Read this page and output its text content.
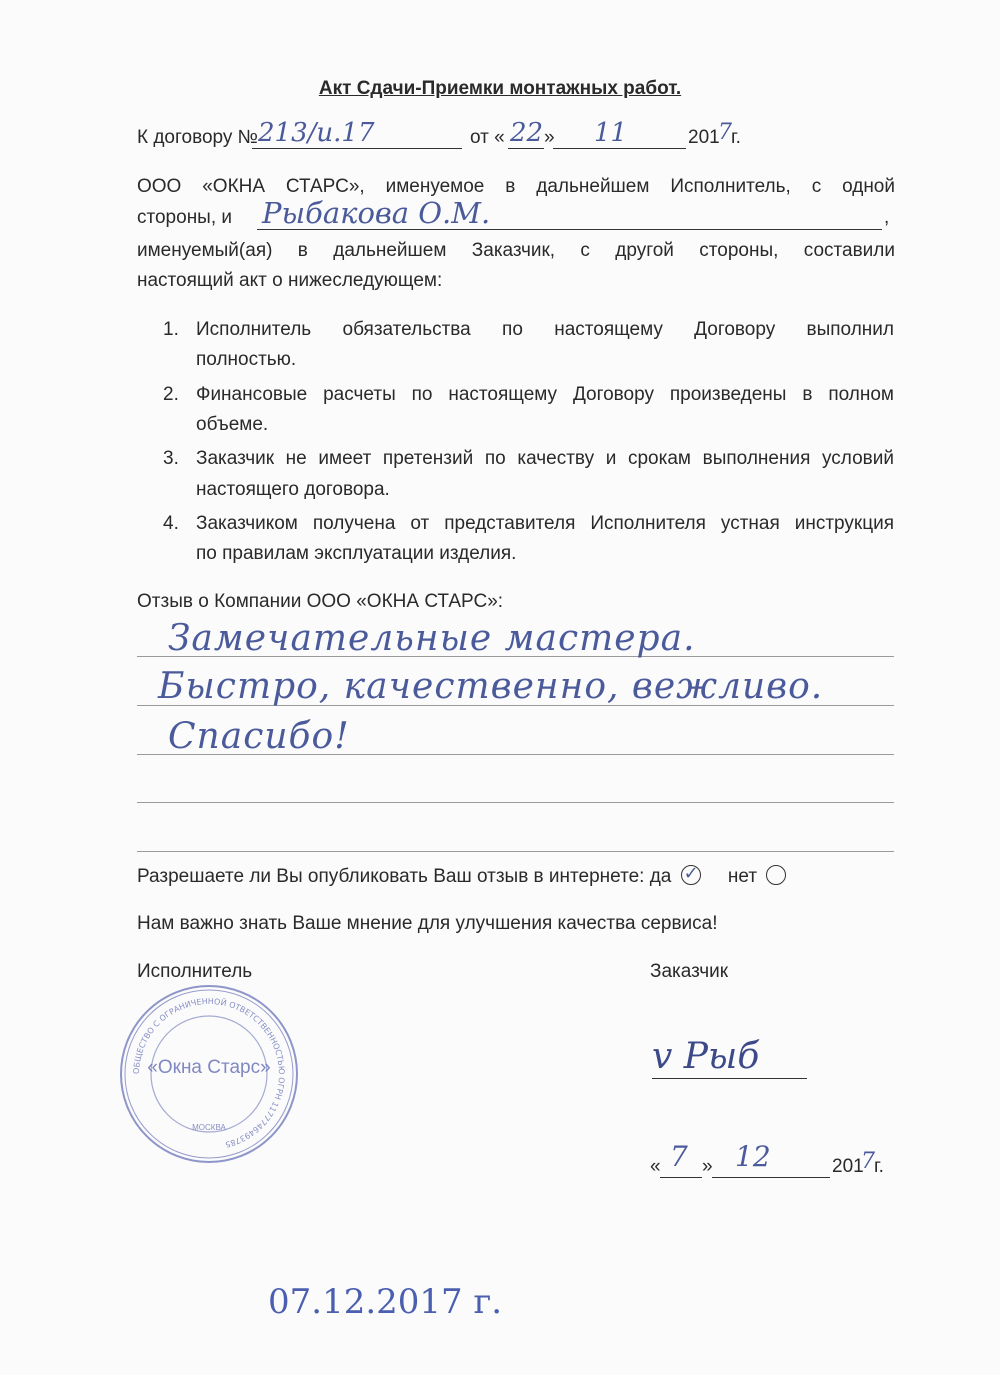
Акт Сдачи-Приемки монтажных работ.
К договору № 213/и.17	от « 22 » 11	201
7 г.
ООО «ОКНА СТАРС», именуемое в дальнейшем Исполнитель, с одной
стороны, и Рыбакова О.М.	,
именуемый(ая) в дальнейшем Заказчик, с другой стороны, составили
настоящий акт о нижеследующем:
1. Исполнитель обязательства по настоящему Договору выполнил
полностью.
2. Финансовые расчеты по настоящему Договору произведены в полном
объеме.
3. Заказчик не имеет претензий по качеству и срокам выполнения условий
настоящего договора.
4. Заказчиком получена от представителя Исполнителя устная инструкция
по правилам эксплуатации изделия.
Отзыв о Компании ООО «ОКНА СТАРС»:
Замечательные мастера.
Быстро, качественно, вежливо.
Спасибо!
Разрешаете ли Вы опубликовать Ваш отзыв в интернете: да ✓ нет
Нам важно знать Ваше мнение для улучшения качества сервиса!
Исполнитель	Заказчик
ОБЩЕСТВО С ОГРАНИЧЕННОЙ ОТВЕТСТВЕННОСТЬЮ ОГРН 1177746493785
«Окна Старс»
МОСКВА
v Рыб
« 7 » 12	201
7 г.
07.12.2017 г.
